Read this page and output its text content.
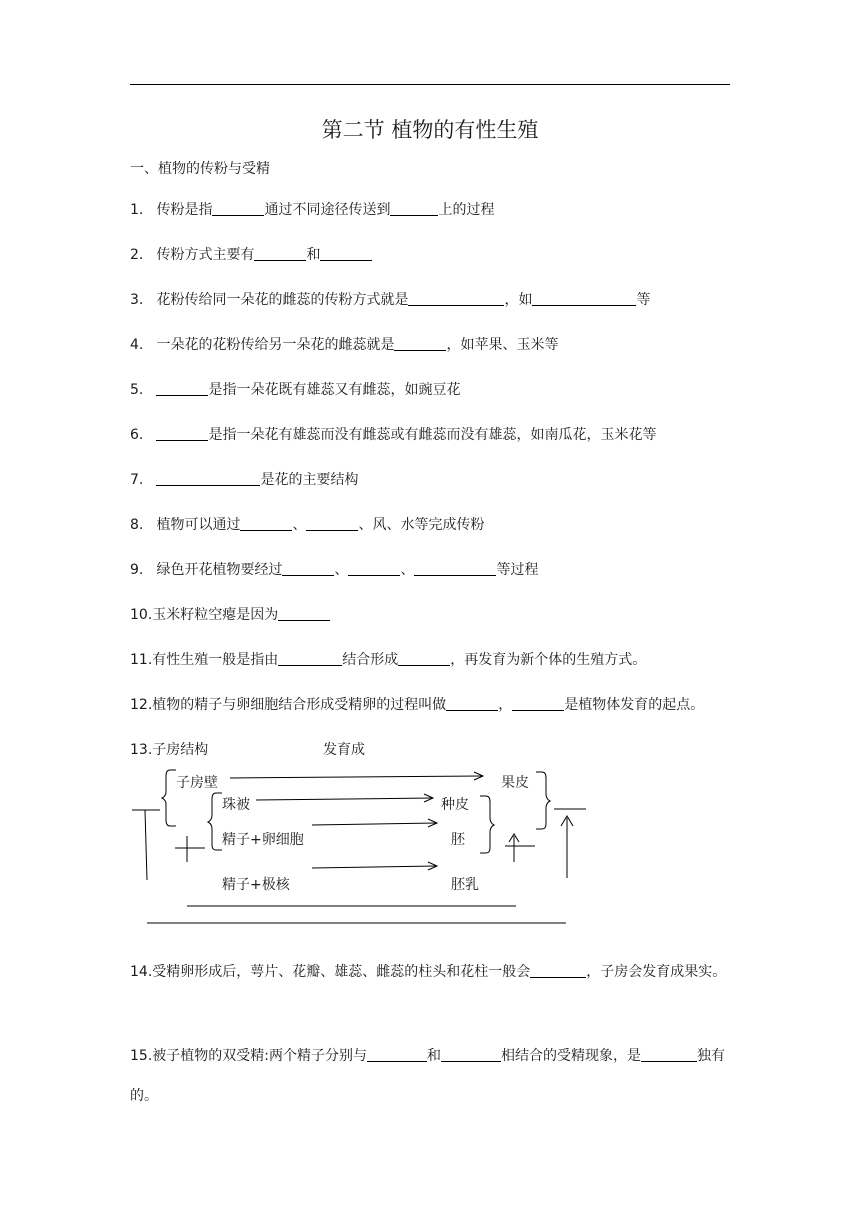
第二节 植物的有性生殖
一、植物的传粉与受精
1. 传粉是指	通过不同途径传送到	上的过程
2. 传粉方式主要有	和
3. 花粉传给同一朵花的雌蕊的传粉方式就是	，如	等
4. 一朵花的花粉传给另一朵花的雌蕊就是	，如苹果、玉米等
5.	是指一朵花既有雄蕊又有雌蕊，如豌豆花
6.	是指一朵花有雄蕊而没有雌蕊或有雌蕊而没有雄蕊，如南瓜花，玉米花等
7.	是花的主要结构
8. 植物可以通过	、	、风、水等完成传粉
9. 绿色开花植物要经过	、	、	等过程
10.玉米籽粒空瘪是因为
11.有性生殖一般是指由	结合形成	，再发育为新个体的生殖方式。
12.植物的精子与卵细胞结合形成受精卵的过程叫做	，	是植物体发育的起点。
13.子房结构	发育成
子房壁	果皮
珠被	种皮
精子+卵细胞	胚
精子+极核	胚乳
14.受精卵形成后，萼片、花瓣、雄蕊、雌蕊的柱头和花柱一般会	，子房会发育成果实。
15.被子植物的双受精:两个精子分别与	和	相结合的受精现象，是	独有的。
